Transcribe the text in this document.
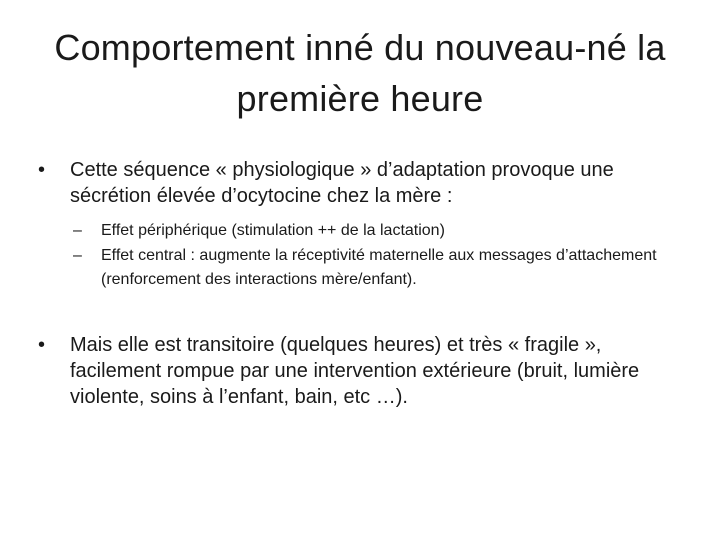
Comportement inné du nouveau-né la
première heure
• Cette séquence « physiologique » d’adaptation provoque une sécrétion élevée d’ocytocine chez la mère :
– Effet périphérique (stimulation ++ de la lactation)
– Effet central : augmente la réceptivité maternelle aux messages d’attachement (renforcement des interactions mère/enfant).
• Mais elle est transitoire (quelques heures) et très « fragile », facilement rompue par une intervention extérieure (bruit, lumière violente, soins à l’enfant, bain, etc …).
